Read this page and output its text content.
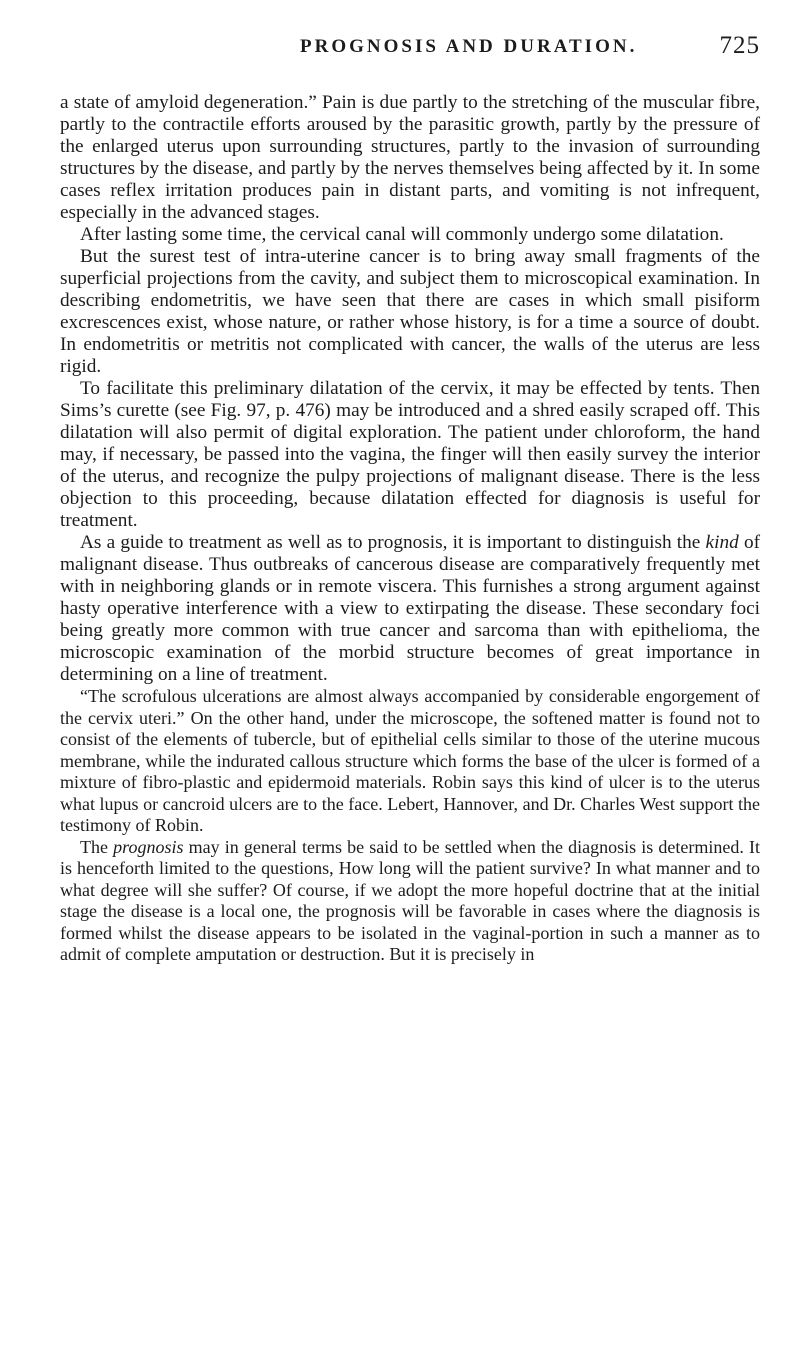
PROGNOSIS AND DURATION.	725

a state of amyloid degeneration.” Pain is due partly to the stretching of the muscular fibre, partly to the contractile efforts aroused by the parasitic growth, partly by the pressure of the enlarged uterus upon surrounding structures, partly to the invasion of surrounding structures by the disease, and partly by the nerves themselves being affected by it. In some cases reflex irritation produces pain in distant parts, and vomiting is not infrequent, especially in the advanced stages.

After lasting some time, the cervical canal will commonly undergo some dilatation.

But the surest test of intra-uterine cancer is to bring away small fragments of the superficial projections from the cavity, and subject them to microscopical examination. In describing endometritis, we have seen that there are cases in which small pisiform excrescences exist, whose nature, or rather whose history, is for a time a source of doubt. In endometritis or metritis not complicated with cancer, the walls of the uterus are less rigid.

To facilitate this preliminary dilatation of the cervix, it may be effected by tents. Then Sims’s curette (see Fig. 97, p. 476) may be introduced and a shred easily scraped off. This dilatation will also permit of digital exploration. The patient under chloroform, the hand may, if necessary, be passed into the vagina, the finger will then easily survey the interior of the uterus, and recognize the pulpy projections of malignant disease. There is the less objection to this proceeding, because dilatation effected for diagnosis is useful for treatment.

As a guide to treatment as well as to prognosis, it is important to distinguish the kind of malignant disease. Thus outbreaks of cancerous disease are comparatively frequently met with in neighboring glands or in remote viscera. This furnishes a strong argument against hasty operative interference with a view to extirpating the disease. These secondary foci being greatly more common with true cancer and sarcoma than with epithelioma, the microscopic examination of the morbid structure becomes of great importance in determining on a line of treatment.

“The scrofulous ulcerations are almost always accompanied by considerable engorgement of the cervix uteri.” On the other hand, under the microscope, the softened matter is found not to consist of the elements of tubercle, but of epithelial cells similar to those of the uterine mucous membrane, while the indurated callous structure which forms the base of the ulcer is formed of a mixture of fibro-plastic and epidermoid materials. Robin says this kind of ulcer is to the uterus what lupus or cancroid ulcers are to the face. Lebert, Hannover, and Dr. Charles West support the testimony of Robin.

The prognosis may in general terms be said to be settled when the diagnosis is determined. It is henceforth limited to the questions, How long will the patient survive? In what manner and to what degree will she suffer? Of course, if we adopt the more hopeful doctrine that at the initial stage the disease is a local one, the prognosis will be favorable in cases where the diagnosis is formed whilst the disease appears to be isolated in the vaginal-portion in such a manner as to admit of complete amputation or destruction. But it is precisely in
